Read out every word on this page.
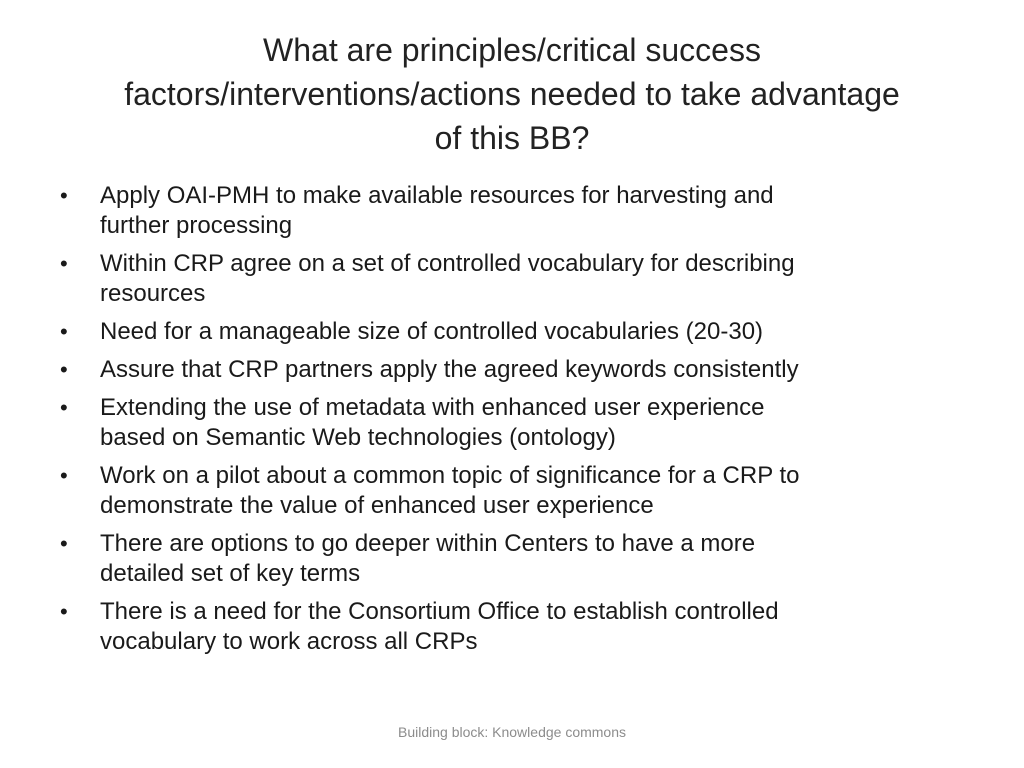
What are principles/critical success
factors/interventions/actions needed to take advantage
of this BB?
• Apply OAI-PMH to make available resources for harvesting and
further processing
• Within CRP agree on a set of controlled vocabulary for describing
resources
• Need for a manageable size of controlled vocabularies (20-30)
• Assure that CRP partners apply the agreed keywords consistently
• Extending the use of metadata with enhanced user experience
based on Semantic Web technologies (ontology)
• Work on a pilot about a common topic of significance for a CRP to
demonstrate the value of enhanced user experience
• There are options to go deeper within Centers to have a more
detailed set of key terms
• There is a need for the Consortium Office to establish controlled
vocabulary to work across all CRPs
Building block: Knowledge commons
